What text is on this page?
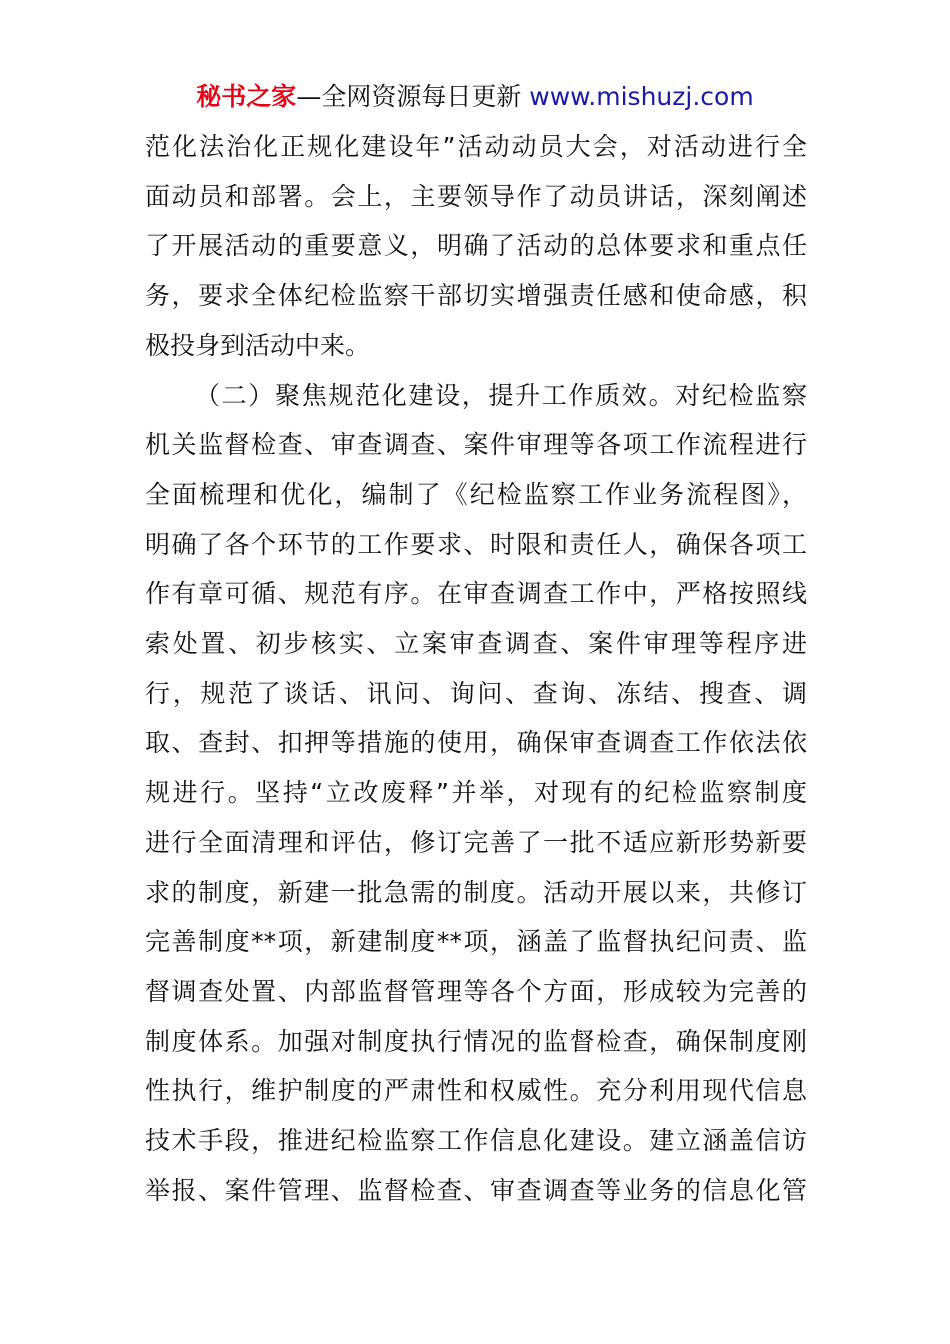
秘书之家—全网资源每日更新 www.mishuzj.com
范化法治化正规化建设年”活动动员大会，对活动进行全
面动员和部署。会上，主要领导作了动员讲话，深刻阐述
了开展活动的重要意义，明确了活动的总体要求和重点任
务，要求全体纪检监察干部切实增强责任感和使命感，积
极投身到活动中来。
（二）聚焦规范化建设，提升工作质效。对纪检监察
机关监督检查、审查调查、案件审理等各项工作流程进行
全面梳理和优化，编制了《纪检监察工作业务流程图》，
明确了各个环节的工作要求、时限和责任人，确保各项工
作有章可循、规范有序。在审查调查工作中，严格按照线
索处置、初步核实、立案审查调查、案件审理等程序进
行，规范了谈话、讯问、询问、查询、冻结、搜查、调
取、查封、扣押等措施的使用，确保审查调查工作依法依
规进行。坚持“立改废释”并举，对现有的纪检监察制度
进行全面清理和评估，修订完善了一批不适应新形势新要
求的制度，新建一批急需的制度。活动开展以来，共修订
完善制度**项，新建制度**项，涵盖了监督执纪问责、监
督调查处置、内部监督管理等各个方面，形成较为完善的
制度体系。加强对制度执行情况的监督检查，确保制度刚
性执行，维护制度的严肃性和权威性。充分利用现代信息
技术手段，推进纪检监察工作信息化建设。建立涵盖信访
举报、案件管理、监督检查、审查调查等业务的信息化管
